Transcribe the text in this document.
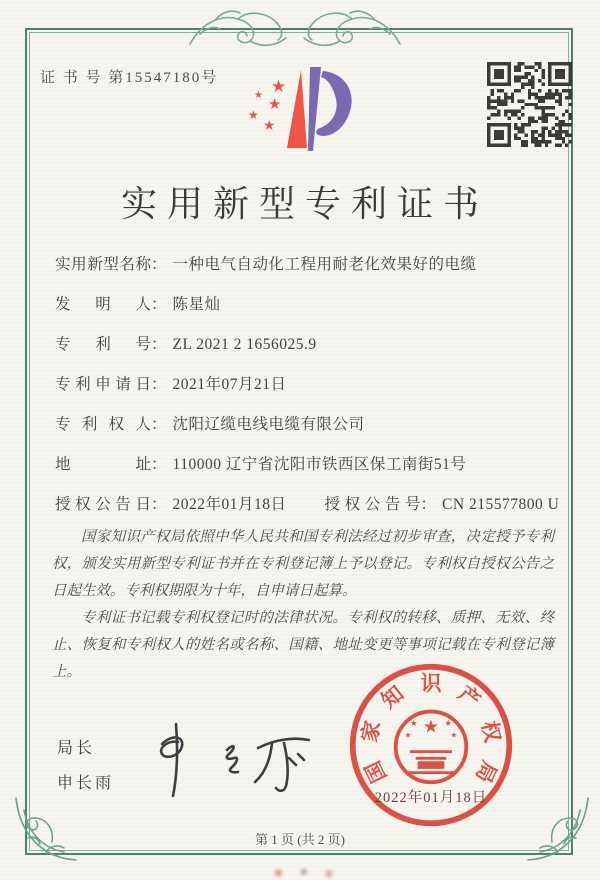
证 书 号 第15547180号	★
★
★
★
★
实用新型专利证书
实用新型名称 ： 一种电气自动化工程用耐老化效果好的电缆
发明人 ： 陈星灿
专利号 ： ZL 2021 2 1656025.9
专利申请日 ： 2021年07月21日
专利权人 ： 沈阳辽缆电线电缆有限公司
地址 ： 110000 辽宁省沈阳市铁西区保工南街51号
授权公告日 ： 2022年01月18日 授权公告号 ： CN 215577800 U

国家知识产权局依照中华人民共和国专利法经过初步审查，决定授予专利权，颁发实用新型专利证书并在专利登记簿上予以登记。专利权自授权公告之日起生效。专利权期限为十年，自申请日起算。

专利证书记载专利权登记时的法律状况。专利权的转移、质押、无效、终止、恢复和专利权人的姓名或名称、国籍、地址变更等事项记载在专利登记簿上。

局长
申长雨	国
家
知 识 产
权
局
★
★	★
★	★
2022年01月18日
第 1 页 (共 2 页)
